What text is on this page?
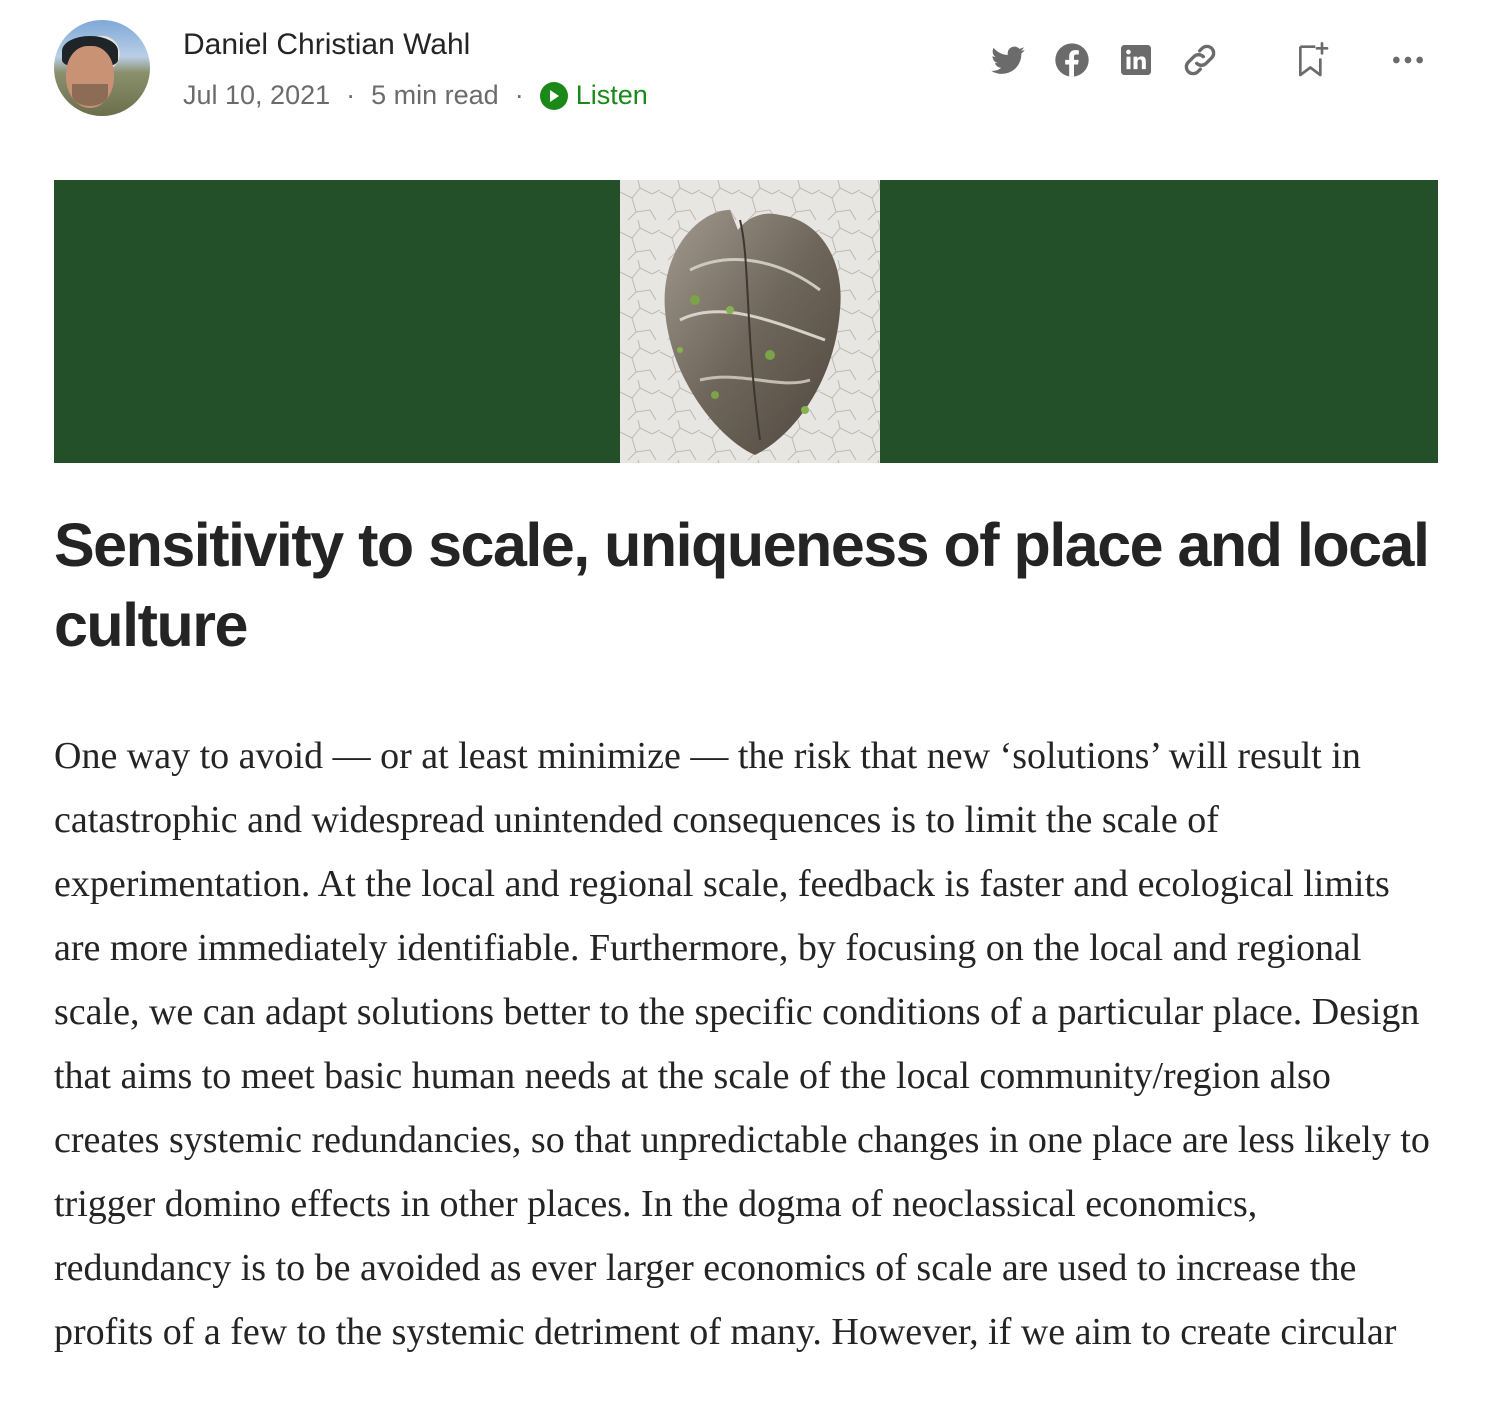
Daniel Christian Wahl
Jul 10, 2021 · 5 min read · Listen
Sensitivity to scale, uniqueness of place and local culture

One way to avoid — or at least minimize — the risk that new ‘solutions’ will result in catastrophic and widespread unintended consequences is to limit the scale of experimentation. At the local and regional scale, feedback is faster and ecological limits are more immediately identifiable. Furthermore, by focusing on the local and regional scale, we can adapt solutions better to the specific conditions of a particular place. Design that aims to meet basic human needs at the scale of the local community/region also creates systemic redundancies, so that unpredictable changes in one place are less likely to trigger domino effects in other places. In the dogma of neoclassical economics, redundancy is to be avoided as ever larger economics of scale are used to increase the profits of a few to the systemic detriment of many. However, if we aim to create circular
